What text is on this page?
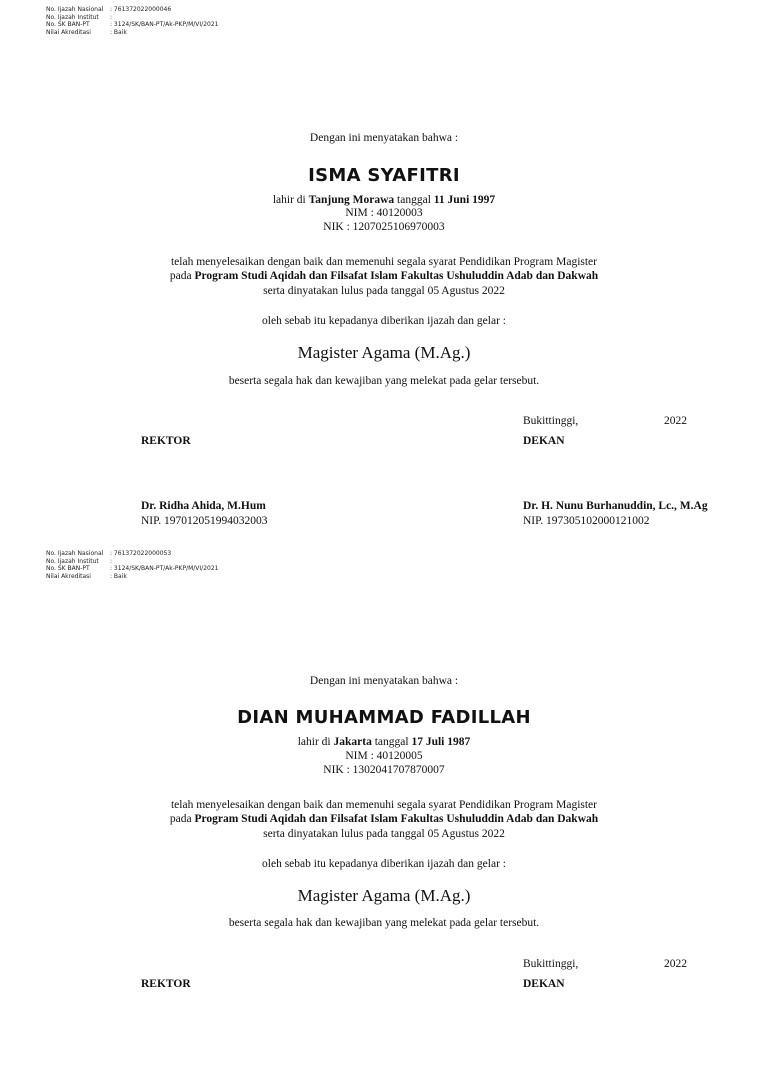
No. Ijazah Nasional	: 761372022000046
No. Ijazah Institut	:
No. SK BAN-PT	: 3124/SK/BAN-PT/Ak-PKP/M/VI/2021
Nilai Akreditasi	: Baik
Dengan ini menyatakan bahwa :
ISMA SYAFITRI
lahir di Tanjung Morawa tanggal 11 Juni 1997
NIM : 40120003
NIK : 1207025106970003
telah menyelesaikan dengan baik dan memenuhi segala syarat Pendidikan Program Magister
pada Program Studi Aqidah dan Filsafat Islam Fakultas Ushuluddin Adab dan Dakwah
serta dinyatakan lulus pada tanggal 05 Agustus 2022
oleh sebab itu kepadanya diberikan ijazah dan gelar :
Magister Agama (M.Ag.)
beserta segala hak dan kewajiban yang melekat pada gelar tersebut.
Bukittinggi,	2022
REKTOR	DEKAN
Dr. Ridha Ahida, M.Hum
NIP. 197012051994032003
Dr. H. Nunu Burhanuddin, Lc., M.Ag
NIP. 197305102000121002
No. Ijazah Nasional	: 761372022000053
No. Ijazah Institut	:
No. SK BAN-PT	: 3124/SK/BAN-PT/Ak-PKP/M/VI/2021
Nilai Akreditasi	: Baik
Dengan ini menyatakan bahwa :
DIAN MUHAMMAD FADILLAH
lahir di Jakarta tanggal 17 Juli 1987
NIM : 40120005
NIK : 1302041707870007
telah menyelesaikan dengan baik dan memenuhi segala syarat Pendidikan Program Magister
pada Program Studi Aqidah dan Filsafat Islam Fakultas Ushuluddin Adab dan Dakwah
serta dinyatakan lulus pada tanggal 05 Agustus 2022
oleh sebab itu kepadanya diberikan ijazah dan gelar :
Magister Agama (M.Ag.)
beserta segala hak dan kewajiban yang melekat pada gelar tersebut.
Bukittinggi,	2022
REKTOR	DEKAN
